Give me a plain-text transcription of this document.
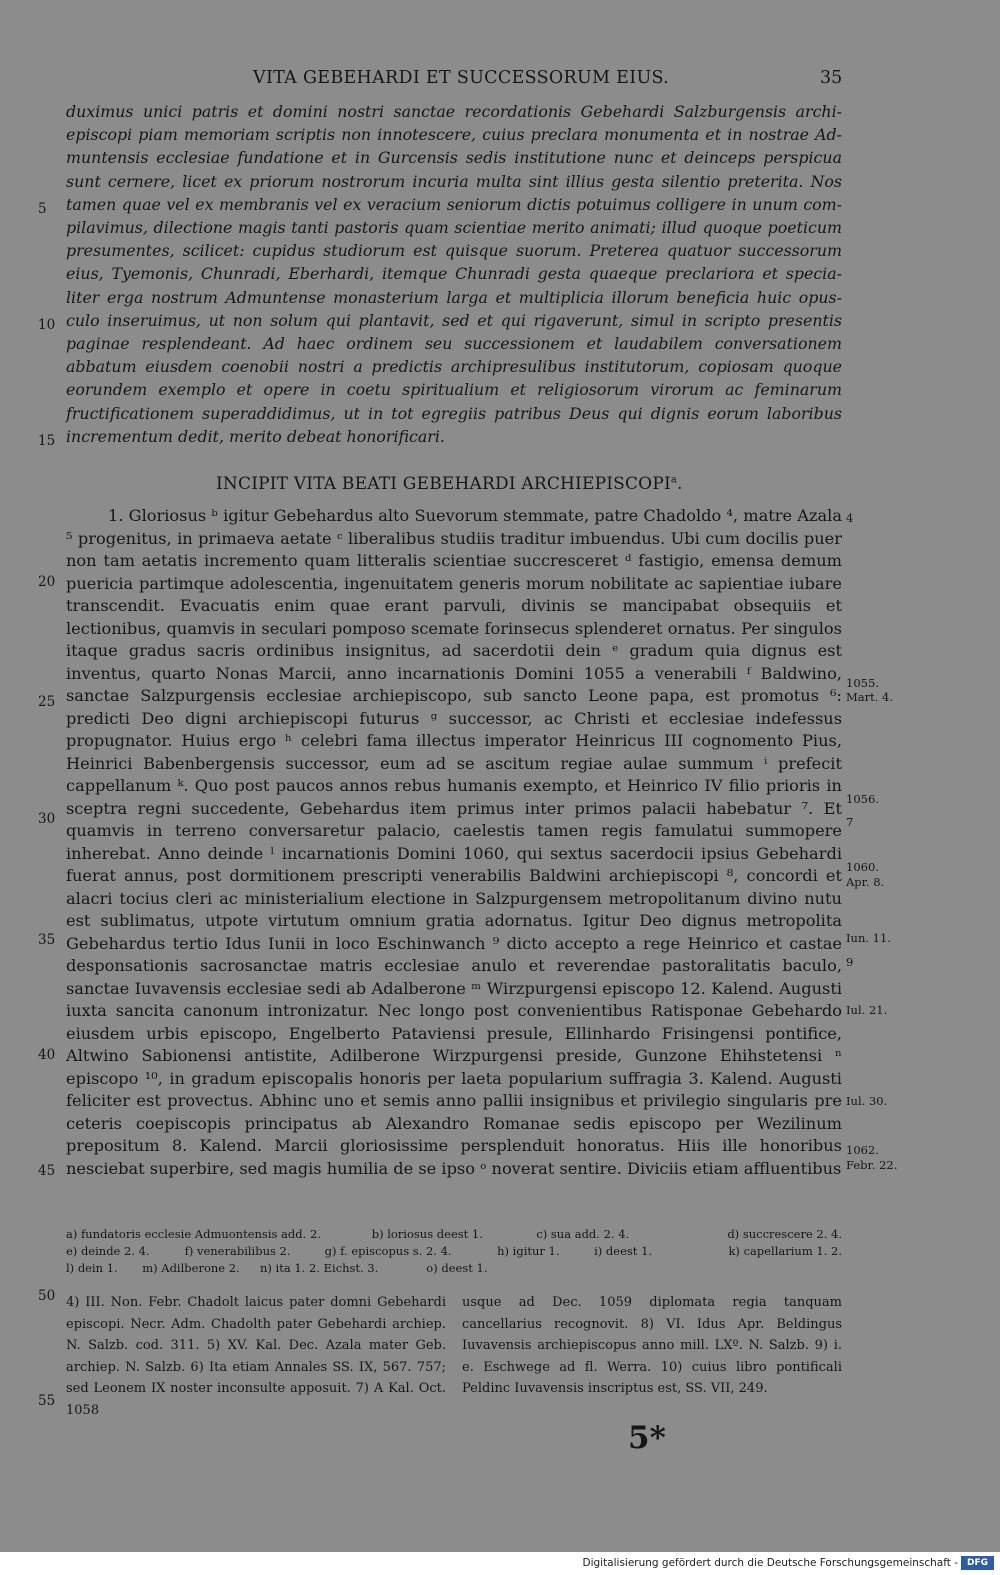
VITA GEBEHARDI ET SUCCESSORUM EIUS.	35

duximus unici patris et domini nostri sanctae recordationis Gebehardi Salzburgensis archi-episcopi piam memoriam scriptis non innotescere, cuius preclara monumenta et in nostrae Ad-muntensis ecclesiae fundatione et in Gurcensis sedis institutione nunc et deinceps perspicua sunt cernere, licet ex priorum nostrorum incuria multa sint illius gesta silentio preterita. Nos tamen quae vel ex membranis vel ex veracium seniorum dictis potuimus colligere in unum com-pilavimus, dilectione magis tanti pastoris quam scientiae merito animati; illud quoque poeticum presumentes, scilicet: cupidus studiorum est quisque suorum. Preterea quatuor successorum eius, Tyemonis, Chunradi, Eberhardi, itemque Chunradi gesta quaeque preclariora et specia-liter erga nostrum Admuntense monasterium larga et multiplicia illorum beneficia huic opus-culo inseruimus, ut non solum qui plantavit, sed et qui rigaverunt, simul in scripto presentis paginae resplendeant. Ad haec ordinem seu successionem et laudabilem conversationem abbatum eiusdem coenobii nostri a predictis archipresulibus institutorum, copiosam quoque eorundem exemplo et opere in coetu spiritualium et religiosorum virorum ac feminarum fructificationem superaddidimus, ut in tot egregiis patribus Deus qui dignis eorum laboribus incrementum dedit, merito debeat honorificari.

5
10
15
20
25
30
35
40
45
50
55
INCIPIT VITA BEATI GEBEHARDI ARCHIEPISCOPI$^a$.

1. Gloriosus ᵇ igitur Gebehardus alto Suevorum stemmate, patre Chadoldo ⁴, matre Azala ⁵ progenitus, in primaeva aetate ᶜ liberalibus studiis traditur imbuendus. Ubi cum docilis puer non tam aetatis incremento quam litteralis scientiae succresceret ᵈ fastigio, emensa demum puericia partimque adolescentia, ingenuitatem generis morum nobilitate ac sapientiae iubare transcendit. Evacuatis enim quae erant parvuli, divinis se mancipabat obsequiis et lectionibus, quamvis in seculari pomposo scemate forinsecus splenderet ornatus. Per singulos itaque gradus sacris ordinibus insignitus, ad sacerdotii dein ᵉ gradum quia dignus est inventus, quarto Nonas Marcii, anno incarnationis Domini 1055 a venerabili ᶠ Baldwino, sanctae Salzpurgensis ecclesiae archiepiscopo, sub sancto Leone papa, est promotus ⁶: predicti Deo digni archiepiscopi futurus ᵍ successor, ac Christi et ecclesiae indefessus propugnator. Huius ergo ʰ celebri fama illectus imperator Heinricus III cognomento Pius, Heinrici Babenbergensis successor, eum ad se ascitum regiae aulae summum ⁱ prefecit cappellanum ᵏ. Quo post paucos annos rebus humanis exempto, et Heinrico IV filio prioris in sceptra regni succedente, Gebehardus item primus inter primos palacii habebatur ⁷. Et quamvis in terreno conversaretur palacio, caelestis tamen regis famulatui summopere inherebat. Anno deinde ˡ incarnationis Domini 1060, qui sextus sacerdocii ipsius Gebehardi fuerat annus, post dormitionem prescripti venerabilis Baldwini archiepiscopi ⁸, concordi et alacri tocius cleri ac ministerialium electione in Salzpurgensem metropolitanum divino nutu est sublimatus, utpote virtutum omnium gratia adornatus. Igitur Deo dignus metropolita Gebehardus tertio Idus Iunii in loco Eschinwanch ⁹ dicto accepto a rege Heinrico et castae desponsationis sacrosanctae matris ecclesiae anulo et reverendae pastoralitatis baculo, sanctae Iuvavensis ecclesiae sedi ab Adalberone ᵐ Wirzpurgensi episcopo 12. Kalend. Augusti iuxta sancita canonum intronizatur. Nec longo post convenientibus Ratisponae Gebehardo eiusdem urbis episcopo, Engelberto Pataviensi presule, Ellinhardo Frisingensi pontifice, Altwino Sabionensi antistite, Adilberone Wirzpurgensi preside, Gunzone Ehihstetensi ⁿ episcopo ¹⁰, in gradum episcopalis honoris per laeta popularium suffragia 3. Kalend. Augusti feliciter est provectus. Abhinc uno et semis anno pallii insignibus et privilegio singularis pre ceteris coepiscopis principatus ab Alexandro Romanae sedis episcopo per Wezilinum prepositum 8. Kalend. Marcii gloriosissime persplenduit honoratus. Hiis ille honoribus nesciebat superbire, sed magis humilia de se ipso ᵒ noverat sentire. Diviciis etiam affluentibus

4
1055.
Mart. 4.
1056.
7
1060.
Apr. 8.
Iun. 11.
9
Iul. 21.
Iul. 30.
1062.
Febr. 22.
a) fundatoris ecclesie Admuontensis add. 2.	b) loriosus deest 1.	c) sua add. 2. 4.	d) succrescere 2. 4.
e) deinde 2. 4.	f) venerabilibus 2.	g) f. episcopus s. 2. 4.	h) igitur 1.	i) deest 1.	k) capellarium 1. 2.
l) dein 1.	m) Adilberone 2.	n) ita 1. 2. Eichst. 3.	o) deest 1.
4) III. Non. Febr. Chadolt laicus pater domni Gebehardi episcopi. Necr. Adm. Chadolth pater Gebehardi archiep. N. Salzb. cod. 311. 5) XV. Kal. Dec. Azala mater Geb. archiep. N. Salzb. 6) Ita etiam Annales SS. IX, 567. 757; sed Leonem IX noster inconsulte apposuit. 7) A Kal. Oct. 1058
usque ad Dec. 1059 diplomata regia tanquam cancellarius recognovit. 8) VI. Idus Apr. Beldingus Iuvavensis archiepiscopus anno mill. LXº. N. Salzb. 9) i. e. Eschwege ad fl. Werra. 10) cuius libro pontificali Peldinc Iuvavensis inscriptus est, SS. VII, 249.
5*
Digitalisierung gefördert durch die Deutsche Forschungsgemeinschaft - DFG
